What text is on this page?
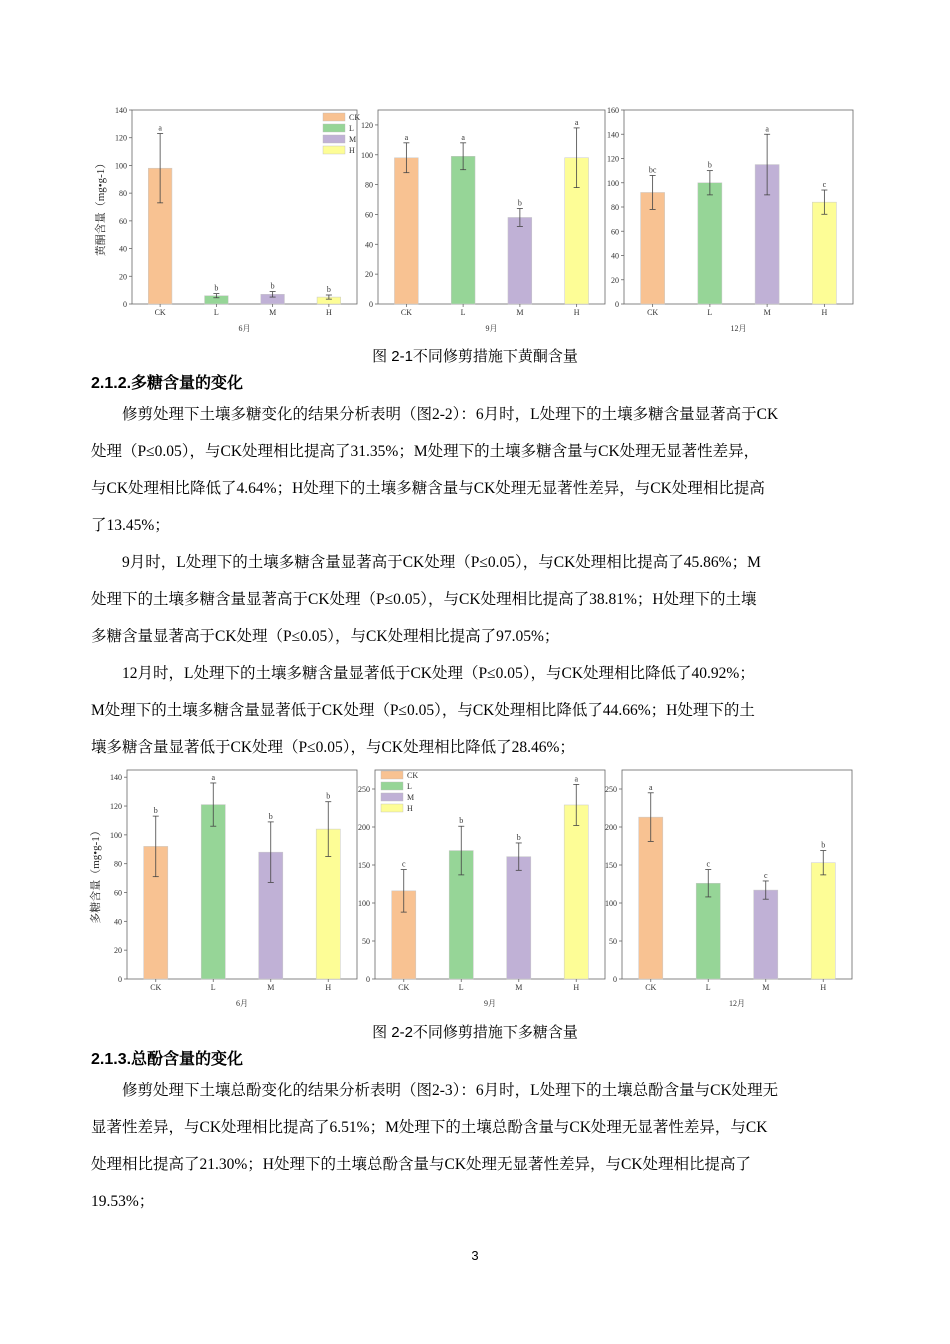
0
20
40
60
80
100
120
140
a
CK
b
L
b
M
b
H
6月
黄酮含量（mg•g-1）
CK
L
M
H
0
20
40
60
80
100
120
a
CK
a
L
b
M
a
H
9月
0
20
40
60
80
100
120
140
160
bc
CK
b
L
a
M
c
H
12月
图 2-1不同修剪措施下黄酮含量
2.1.2.多糖含量的变化
修剪处理下土壤多糖变化的结果分析表明（图2-2）：6月时，L处理下的土壤多糖含量显著高于CK
处理（P≤0.05），与CK处理相比提高了31.35%；M处理下的土壤多糖含量与CK处理无显著性差异，
与CK处理相比降低了4.64%；H处理下的土壤多糖含量与CK处理无显著性差异，与CK处理相比提高
了13.45%；
9月时，L处理下的土壤多糖含量显著高于CK处理（P≤0.05），与CK处理相比提高了45.86%；M
处理下的土壤多糖含量显著高于CK处理（P≤0.05），与CK处理相比提高了38.81%；H处理下的土壤
多糖含量显著高于CK处理（P≤0.05），与CK处理相比提高了97.05%；
12月时，L处理下的土壤多糖含量显著低于CK处理（P≤0.05），与CK处理相比降低了40.92%；
M处理下的土壤多糖含量显著低于CK处理（P≤0.05），与CK处理相比降低了44.66%；H处理下的土
壤多糖含量显著低于CK处理（P≤0.05），与CK处理相比降低了28.46%；
0
20
40
60
80
100
120
140
b
CK
a
L
b
M
b
H
6月
多糖含量（mg•g-1）
0
50
100
150
200
250
c
CK
b
L
b
M
a
H
9月
CK
L
M
H
0
50
100
150
200
250	a
CK
c
L
c
M
b
H
12月
图 2-2不同修剪措施下多糖含量
2.1.3.总酚含量的变化
修剪处理下土壤总酚变化的结果分析表明（图2-3）：6月时，L处理下的土壤总酚含量与CK处理无
显著性差异，与CK处理相比提高了6.51%；M处理下的土壤总酚含量与CK处理无显著性差异，与CK
处理相比提高了21.30%；H处理下的土壤总酚含量与CK处理无显著性差异，与CK处理相比提高了
19.53%；
3
